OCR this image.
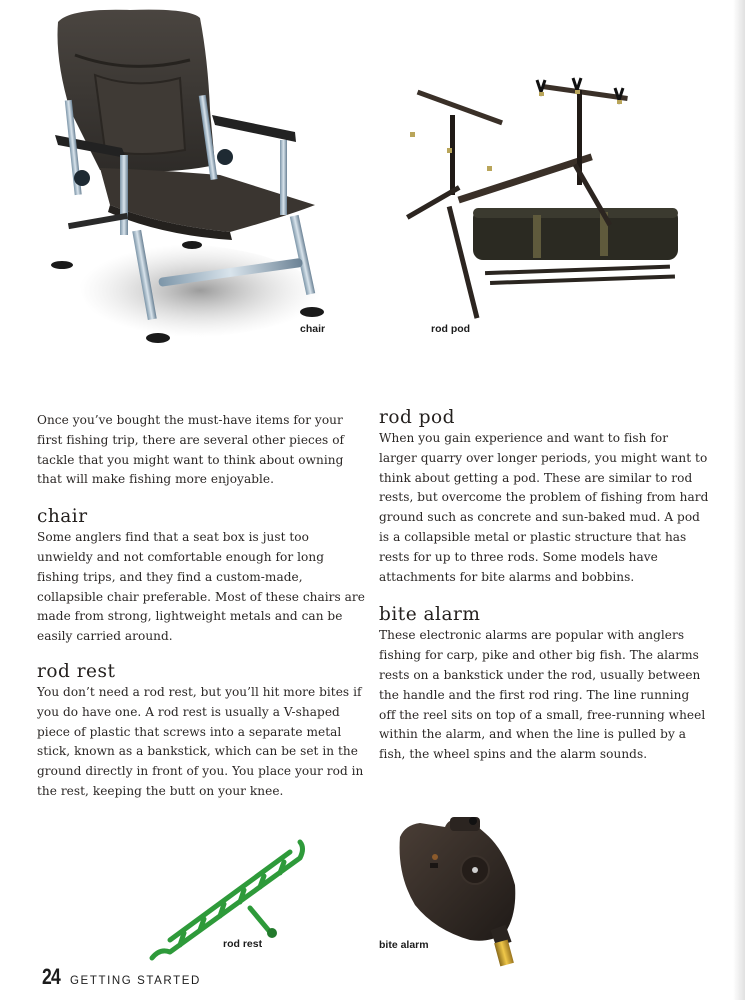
chair	rod pod

Once you’ve bought the must-have items for your first fishing trip, there are several other pieces of tackle that you might want to think about owning that will make fishing more enjoyable.

chair

Some anglers find that a seat box is just too unwieldy and not comfortable enough for long fishing trips, and they find a custom-made, collapsible chair preferable. Most of these chairs are made from strong, lightweight metals and can be easily carried around.

rod rest

You don’t need a rod rest, but you’ll hit more bites if you do have one. A rod rest is usually a V-shaped piece of plastic that screws into a separate metal stick, known as a bankstick, which can be set in the ground directly in front of you. You place your rod in the rest, keeping the butt on your knee.

rod pod

When you gain experience and want to fish for larger quarry over longer periods, you might want to think about getting a pod. These are similar to rod rests, but overcome the problem of fishing from hard ground such as concrete and sun-baked mud. A pod is a collapsible metal or plastic structure that has rests for up to three rods. Some models have attachments for bite alarms and bobbins.

bite alarm

These electronic alarms are popular with anglers fishing for carp, pike and other big fish. The alarms rests on a bankstick under the rod, usually between the handle and the first rod ring. The line running off the reel sits on top of a small, free-running wheel within the alarm, and when the line is pulled by a fish, the wheel spins and the alarm sounds.

rod rest	bite alarm
24 GETTING STARTED
